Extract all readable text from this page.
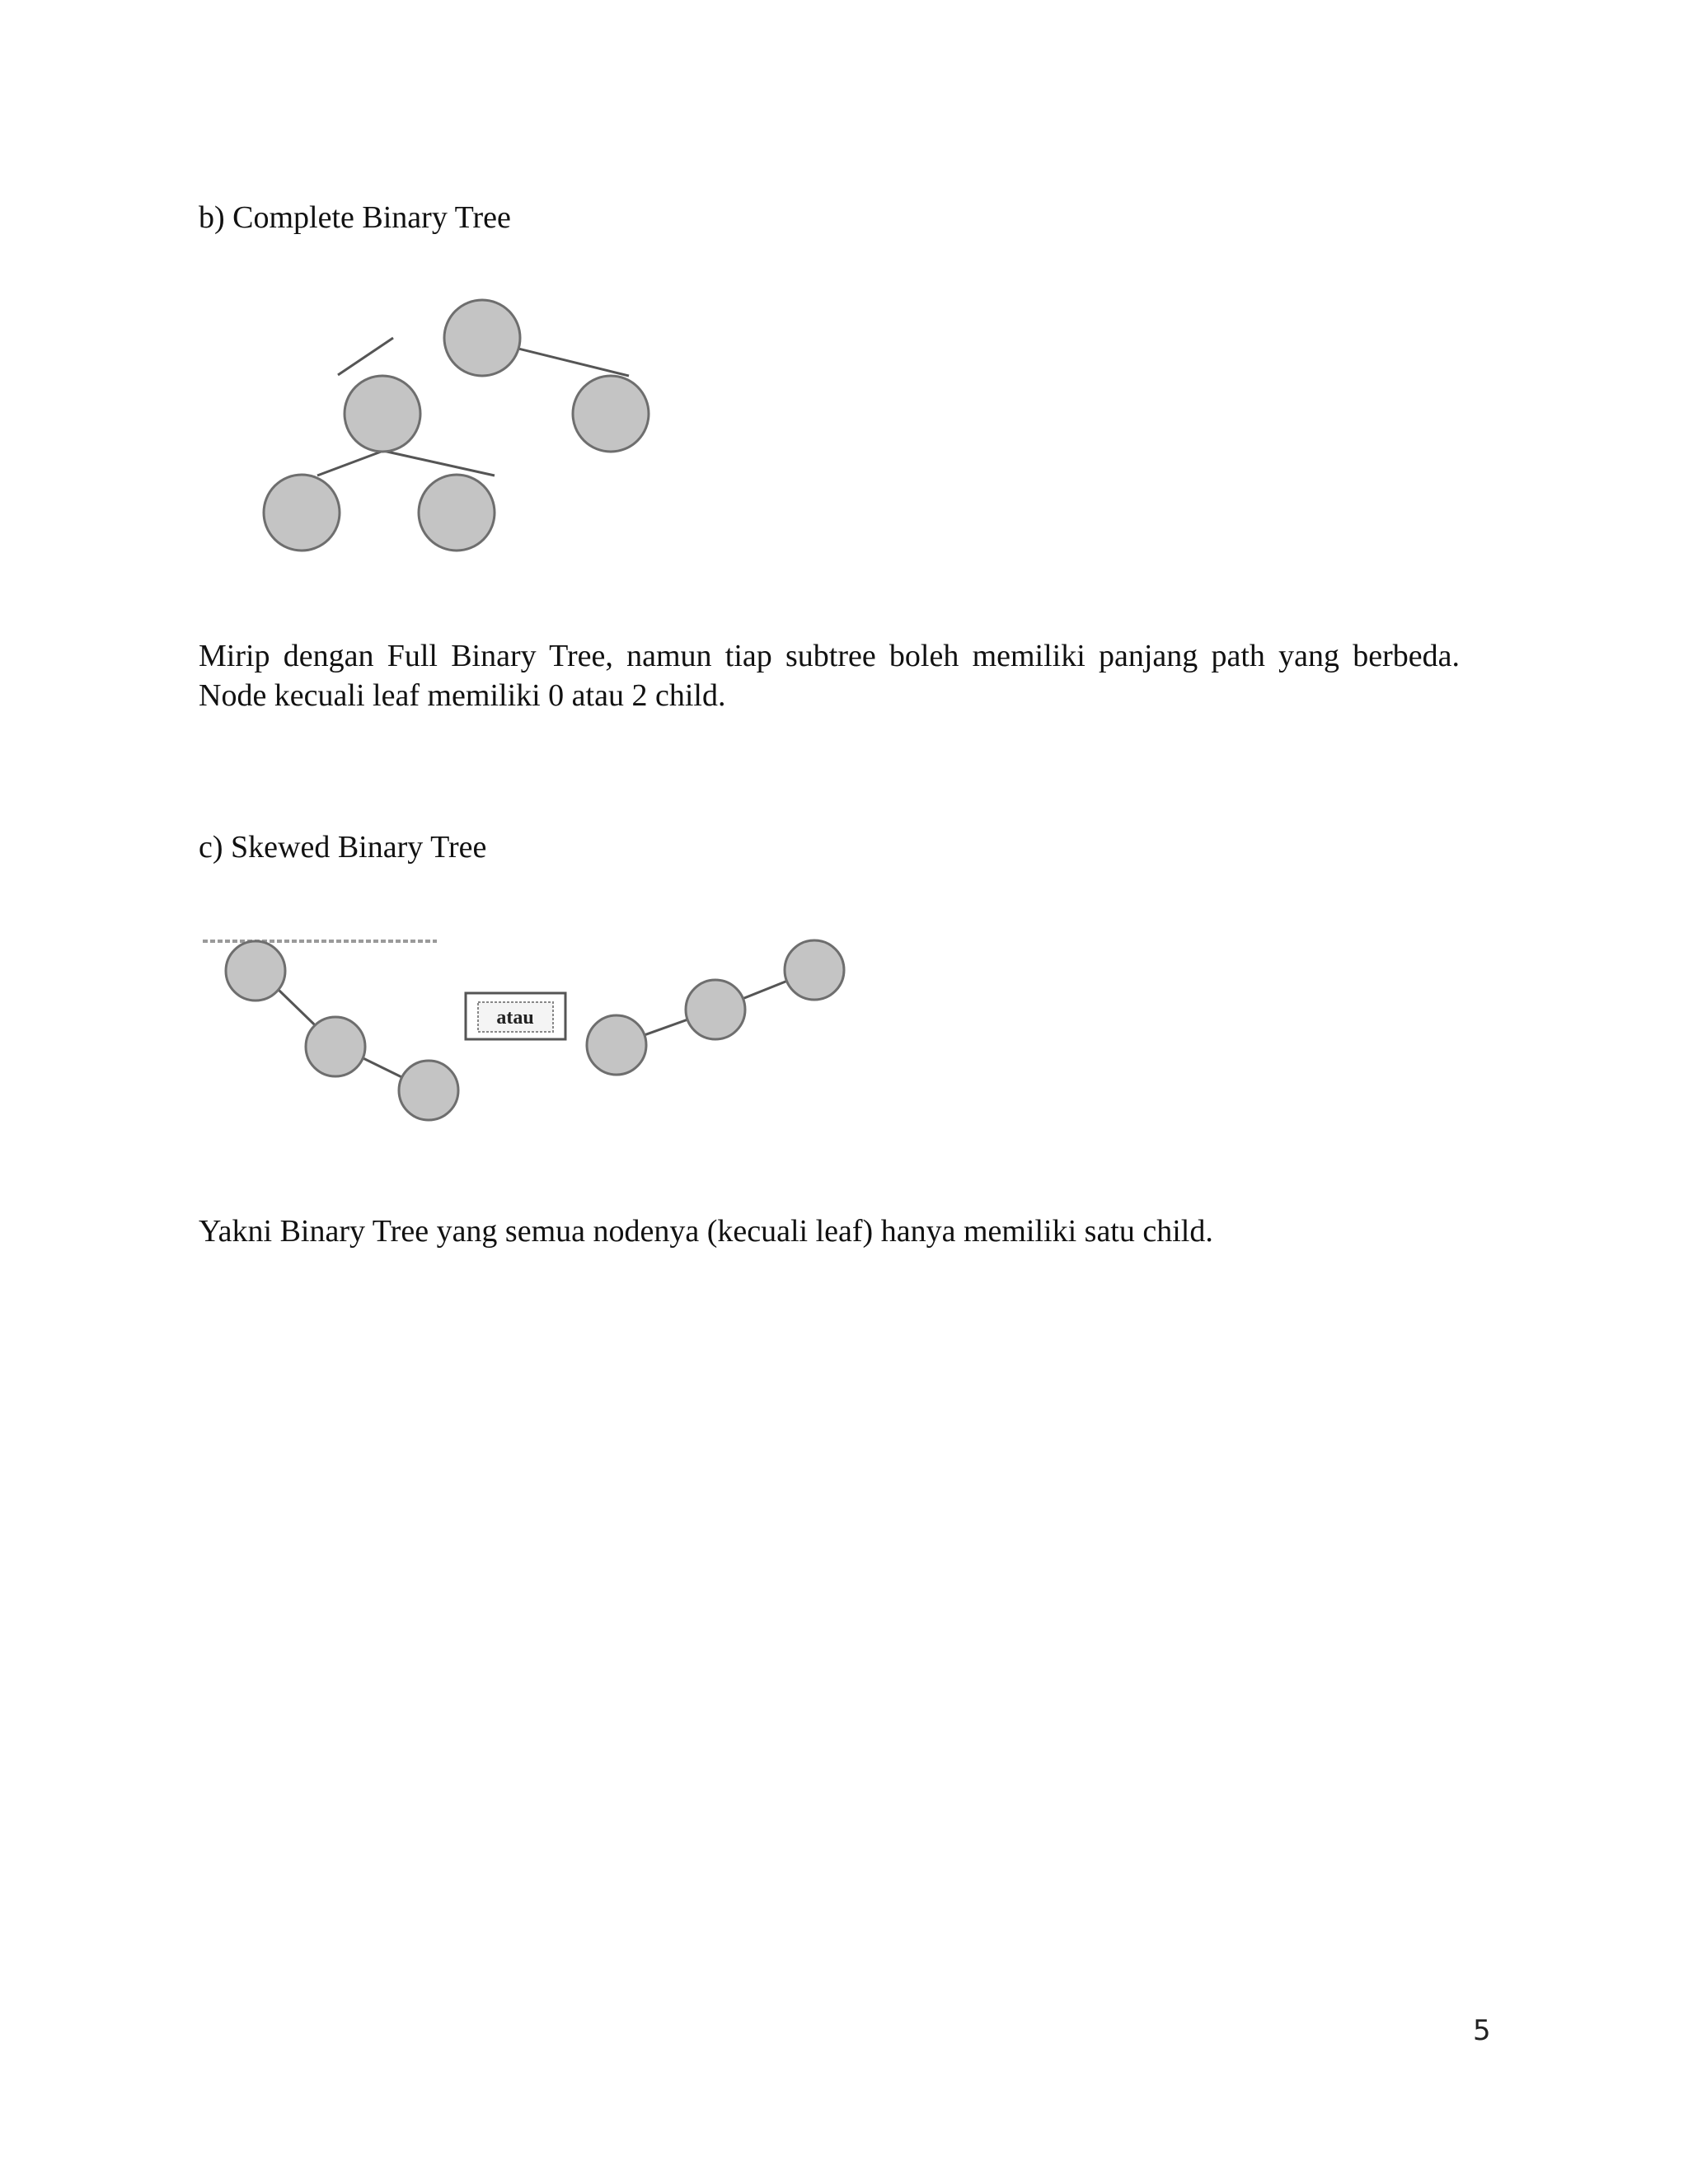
b) Complete Binary Tree
Mirip dengan Full Binary Tree, namun tiap subtree boleh memiliki panjang path yang berbeda.
Node kecuali leaf memiliki 0 atau 2 child.
c) Skewed Binary Tree
atau
Yakni Binary Tree yang semua nodenya (kecuali leaf) hanya memiliki satu child.
5
